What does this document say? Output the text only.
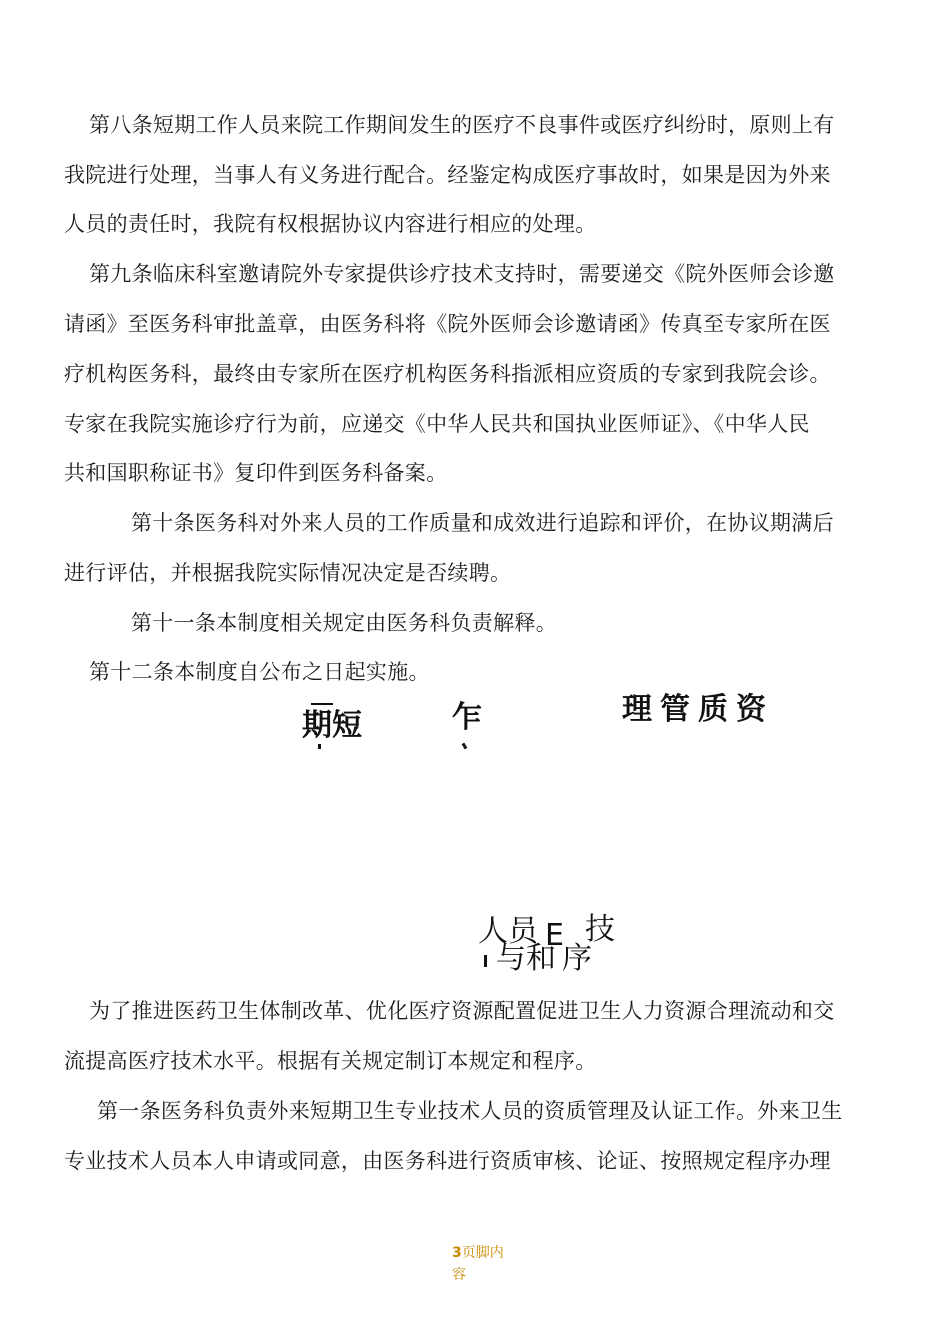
第八条短期工作人员来院工作期间发生的医疗不良事件或医疗纠纷时，原则上有
我院进行处理，当事人有义务进行配合。经鉴定构成医疗事故时，如果是因为外来
人员的责任时，我院有权根据协议内容进行相应的处理。
第九条临床科室邀请院外专家提供诊疗技术支持时，需要递交《院外医师会诊邀
请函》至医务科审批盖章，由医务科将《院外医师会诊邀请函》传真至专家所在医
疗机构医务科，最终由专家所在医疗机构医务科指派相应资质的专家到我院会诊。
专家在我院实施诊疗行为前，应递交《中华人民共和国执业医师证》、《中华人民
共和国职称证书》复印件到医务科备案。
第十条医务科对外来人员的工作质量和成效进行追踪和评价，在协议期满后
进行评估，并根据我院实际情况决定是否续聘。
第十一条本制度相关规定由医务科负责解释。
第十二条本制度自公布之日起实施。
期短	乍	理管质资
人员 E 技
与和 序
为了推进医药卫生体制改革、优化医疗资源配置促进卫生人力资源合理流动和交
流提高医疗技术水平。根据有关规定制订本规定和程序。
第一条医务科负责外来短期卫生专业技术人员的资质管理及认证工作。外来卫生
专业技术人员本人申请或同意，由医务科进行资质审核、论证、按照规定程序办理
3页脚内容
